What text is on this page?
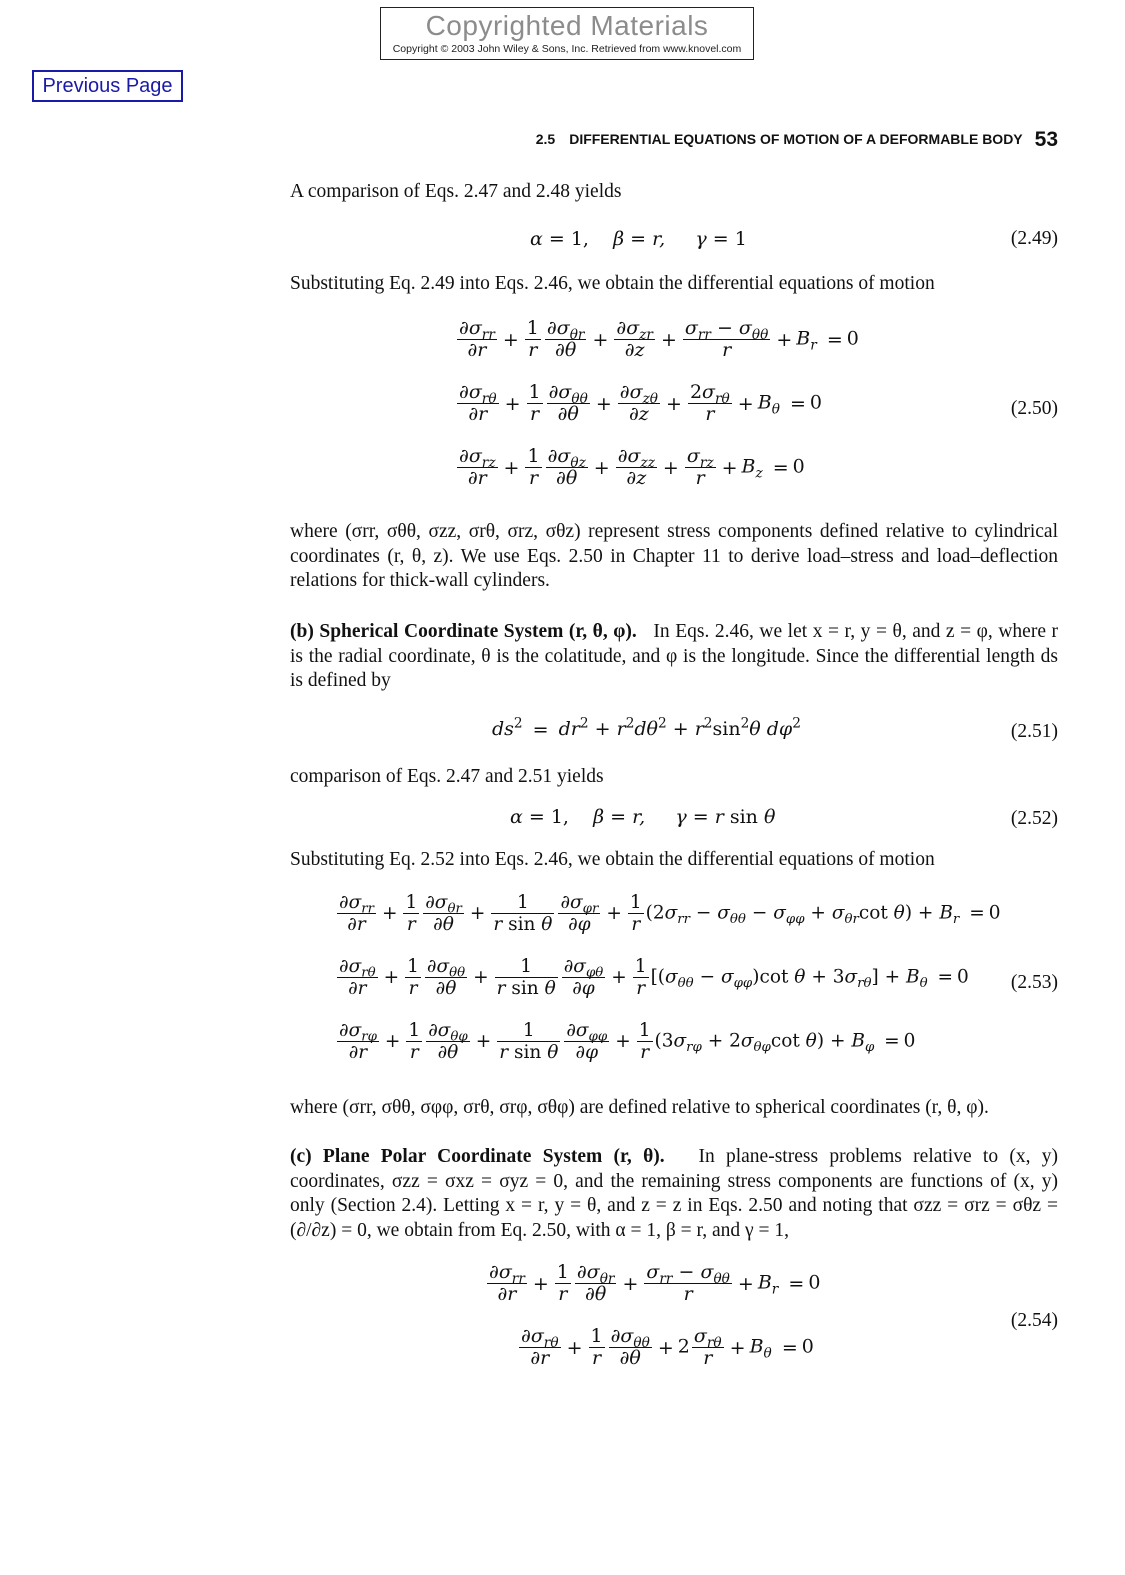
Copyrighted Materials
Copyright © 2003 John Wiley & Sons, Inc. Retrieved from www.knovel.com
Previous Page
2.5 DIFFERENTIAL EQUATIONS OF MOTION OF A DEFORMABLE BODY 53
A comparison of Eqs. 2.47 and 2.48 yields
α = 1,    β = r,     γ = 1	(2.49)
Substituting Eq. 2.49 into Eqs. 2.46, we obtain the differential equations of motion
$\frac{\partial\sigma_{rr}}{\partial r} + \frac{1}{r} \frac{\partial\sigma_{\theta r}}{\partial\theta} + \frac{\partial\sigma_{zr}}{\partial z} + \frac{\sigma_{rr} - \sigma_{\theta\theta}}{r} + B_r = 0$
$\frac{\partial\sigma_{r\theta}}{\partial r} + \frac{1}{r} \frac{\partial\sigma_{\theta\theta}}{\partial\theta} + \frac{\partial\sigma_{z\theta}}{\partial z} + \frac{2\sigma_{r\theta}}{r} + B_\theta = 0$
$\frac{\partial\sigma_{rz}}{\partial r} + \frac{1}{r} \frac{\partial\sigma_{\theta z}}{\partial\theta} + \frac{\partial\sigma_{zz}}{\partial z} + \frac{\sigma_{rz}}{r} + B_z = 0$
(2.50)
where (σrr, σθθ, σzz, σrθ, σrz, σθz) represent stress components defined relative to cylindrical coordinates (r, θ, z). We use Eqs. 2.50 in Chapter 11 to derive load–stress and load–deflection relations for thick-wall cylinders.
(b) Spherical Coordinate System (r, θ, φ). In Eqs. 2.46, we let x = r, y = θ, and z = φ, where r is the radial coordinate, θ is the colatitude, and φ is the longitude. Since the differential length ds is defined by
$ds^2 = dr^2 + r^2d\theta^2 + r^2\sin^2\theta$ $d\varphi^2$	(2.51)
comparison of Eqs. 2.47 and 2.51 yields
α = 1,    β = r,     γ = r sin θ	(2.52)
Substituting Eq. 2.52 into Eqs. 2.46, we obtain the differential equations of motion
$\frac{\partial\sigma_{rr}}{\partial r} + \frac{1}{r} \frac{\partial\sigma_{\theta r}}{\partial\theta} + \frac{1}{\text{r sin θ}} \frac{\partial\sigma_{\varphi r}}{\partial\varphi} + \frac{1}{r} (2\sigma_{rr} - \sigma_{\theta\theta} - \sigma_{\varphi\varphi} + \sigma_{\theta r}\cot$ $\theta) + B_r = 0$
$\frac{\partial\sigma_{r\theta}}{\partial r} + \frac{1}{r} \frac{\partial\sigma_{\theta\theta}}{\partial\theta} + \frac{1}{\text{r sin θ}} \frac{\partial\sigma_{\varphi\theta}}{\partial\varphi} + \frac{1}{r} [(\sigma_{\theta\theta} - \sigma_{\varphi\varphi})\cot$ $\theta + 3\sigma_{r\theta}] + B_\theta = 0$
$\frac{\partial\sigma_{r\varphi}}{\partial r} + \frac{1}{r} \frac{\partial\sigma_{\theta\varphi}}{\partial\theta} + \frac{1}{\text{r sin θ}} \frac{\partial\sigma_{\varphi\varphi}}{\partial\varphi} + \frac{1}{r} (3\sigma_{r\varphi} + 2\sigma_{\theta\varphi}\cot$ $\theta) + B_\varphi = 0$
(2.53)
where (σrr, σθθ, σφφ, σrθ, σrφ, σθφ) are defined relative to spherical coordinates (r, θ, φ).
(c) Plane Polar Coordinate System (r, θ). In plane-stress problems relative to (x, y) coordinates, σzz = σxz = σyz = 0, and the remaining stress components are functions of (x, y) only (Section 2.4). Letting x = r, y = θ, and z = z in Eqs. 2.50 and noting that σzz = σrz = σθz = (∂/∂z) = 0, we obtain from Eq. 2.50, with α = 1, β = r, and γ = 1,
$\frac{\partial\sigma_{rr}}{\partial r} + \frac{1}{r} \frac{\partial\sigma_{\theta r}}{\partial\theta} + \frac{\sigma_{rr} - \sigma_{\theta\theta}}{r} + B_r = 0$
$\frac{\partial\sigma_{r\theta}}{\partial r} + \frac{1}{r} \frac{\partial\sigma_{\theta\theta}}{\partial\theta} + 2 \frac{\sigma_{r\theta}}{r} + B_\theta = 0$
(2.54)
